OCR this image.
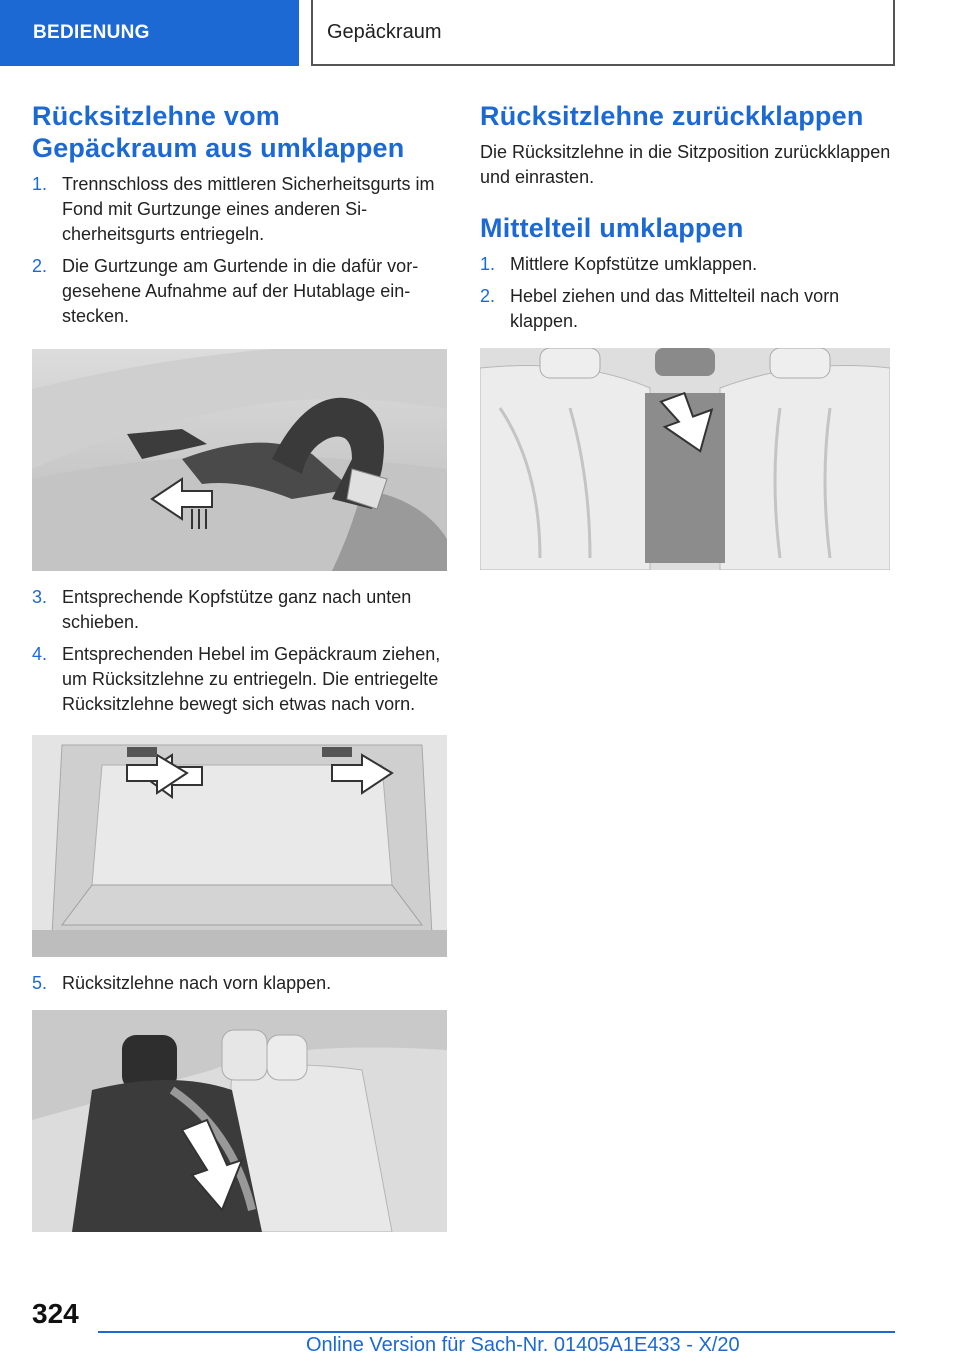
BEDIENUNG	Gepäckraum
Rücksitzlehne vom Gepäckraum aus umklappen
1. Trennschloss des mittleren Sicherheitsgurts im Fond mit Gurtzunge eines anderen Sicherheitsgurts entriegeln.
2. Die Gurtzunge am Gurtende in die dafür vorgesehene Aufnahme auf der Hutablage einstecken.
3. Entsprechende Kopfstütze ganz nach unten schieben.
4. Entsprechenden Hebel im Gepäckraum ziehen, um Rücksitzlehne zu entriegeln. Die entriegelte Rücksitzlehne bewegt sich etwas nach vorn.
5. Rücksitzlehne nach vorn klappen.
Rücksitzlehne zurückklappen

Die Rücksitzlehne in die Sitzposition zurückklappen und einrasten.

Mittelteil umklappen
1. Mittlere Kopfstütze umklappen.
2. Hebel ziehen und das Mittelteil nach vorn klappen.
324
Online Version für Sach-Nr. 01405A1E433 - X/20
